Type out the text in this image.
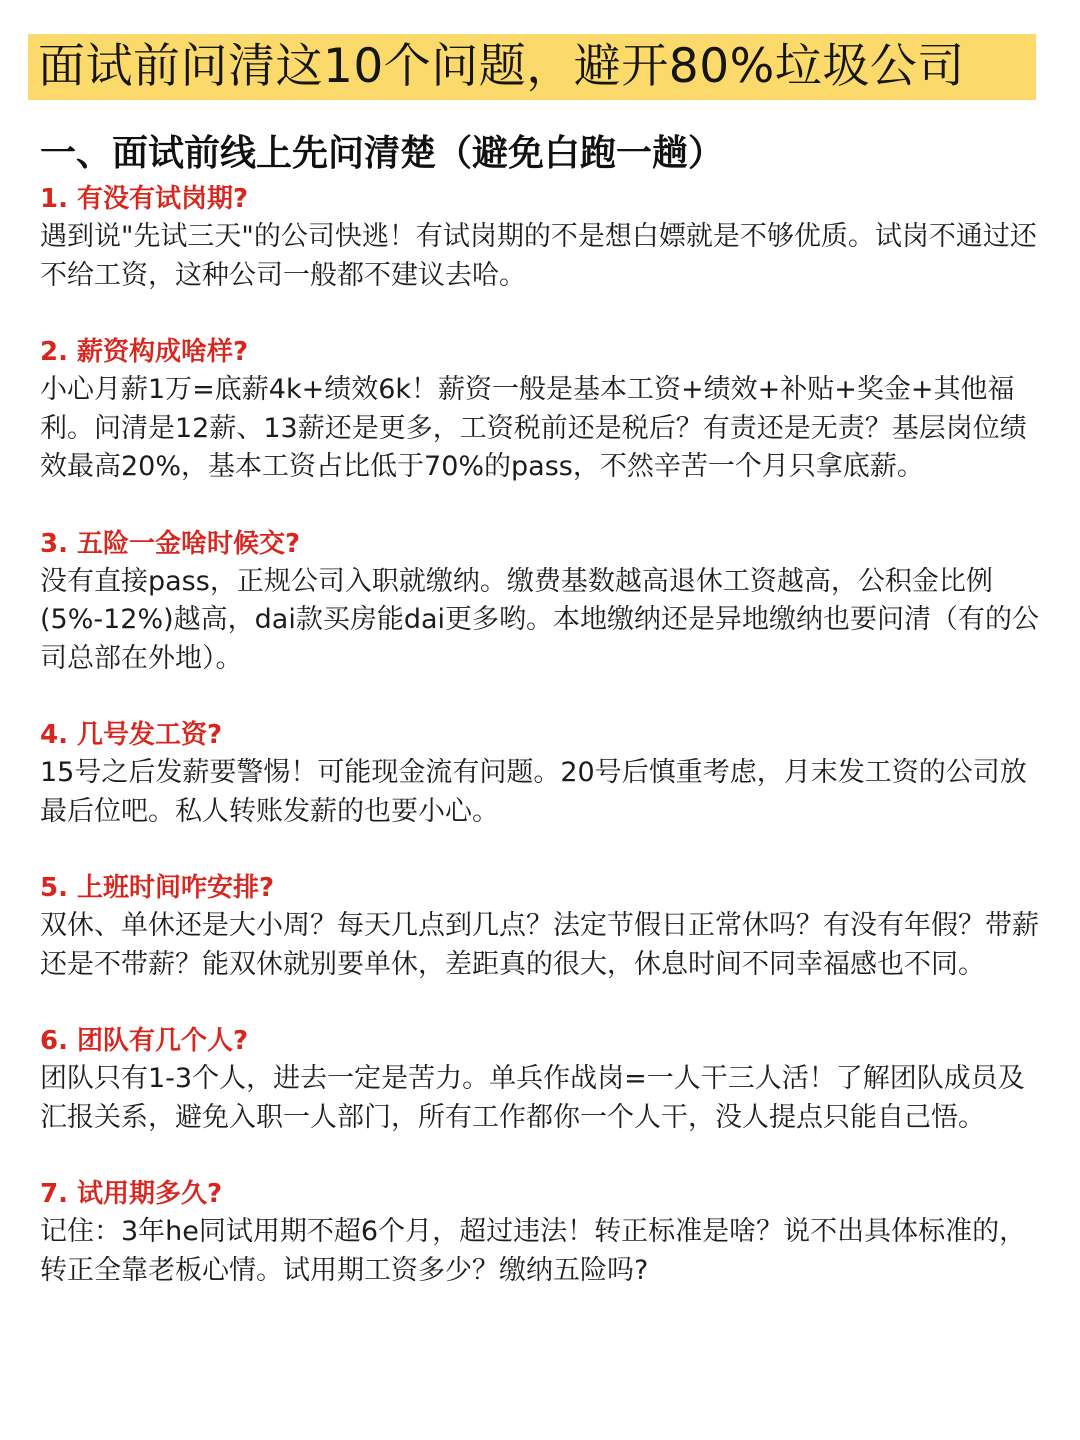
面试前问清这10个问题，避开80%垃圾公司
一、面试前线上先问清楚（避免白跑一趟）
1. 有没有试岗期?
遇到说"先试三天"的公司快逃！有试岗期的不是想白嫖就是不够优质。试岗不通过还不给工资，这种公司一般都不建议去哈。
2. 薪资构成啥样?
小心月薪1万=底薪4k+绩效6k！薪资一般是基本工资+绩效+补贴+奖金+其他福利。问清是12薪、13薪还是更多，工资税前还是税后？有责还是无责？基层岗位绩效最高20%，基本工资占比低于70%的pass，不然辛苦一个月只拿底薪。
3. 五险一金啥时候交?
没有直接pass，正规公司入职就缴纳。缴费基数越高退休工资越高，公积金比例(5%-12%)越高，dai款买房能dai更多哟。本地缴纳还是异地缴纳也要问清（有的公司总部在外地）。
4. 几号发工资?
15号之后发薪要警惕！可能现金流有问题。20号后慎重考虑，月末发工资的公司放最后位吧。私人转账发薪的也要小心。
5. 上班时间咋安排?
双休、单休还是大小周？每天几点到几点？法定节假日正常休吗？有没有年假？带薪还是不带薪？能双休就别要单休，差距真的很大，休息时间不同幸福感也不同。
6. 团队有几个人?
团队只有1-3个人，进去一定是苦力。单兵作战岗=一人干三人活！了解团队成员及汇报关系，避免入职一人部门，所有工作都你一个人干，没人提点只能自己悟。
7. 试用期多久?
记住：3年he同试用期不超6个月，超过违法！转正标准是啥？说不出具体标准的，转正全靠老板心情。试用期工资多少？缴纳五险吗?
